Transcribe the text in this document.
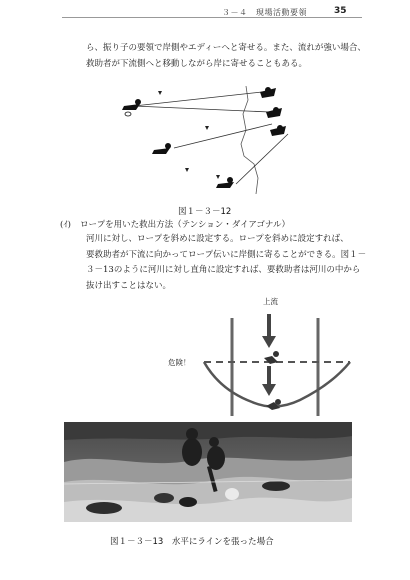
３－４　現場活動要領	35
ら、振り子の要領で岸側やエディーへと寄せる。また、流れが強い場合、
救助者が下流側へと移動しながら岸に寄せることもある。
図１－３－12
(ｲ) ロープを用いた救出方法（テンション・ダイアゴナル）
河川に対し、ロープを斜めに設定する。ロープを斜めに設定すれば、
要救助者が下流に向かってロープ伝いに岸側に寄ることができる。図１－
３－13のように河川に対し直角に設定すれば、要救助者は河川の中から
抜け出すことはない。
上流
危険！
図１－３－13　水平にラインを張った場合
